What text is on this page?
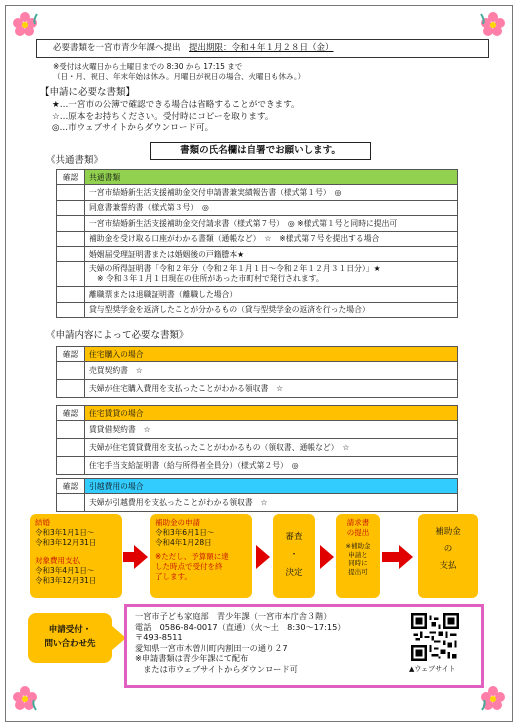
必要書類を一宮市青少年課へ提出　 提出期限：令和４年１月２８日（金）
※受付は火曜日から土曜日までの 8:30 から 17:15 まで
（日・月、祝日、年末年始は休み。月曜日が祝日の場合、火曜日も休み。）
【申請に必要な書類】
★…一宮市の公簿で確認できる場合は省略することができます。
☆…原本をお持ちください。受付時にコピーを取ります。
◎…市ウェブサイトからダウンロード可。
書類の氏名欄は自署でお願いします。
《共通書類》
確認	共通書類
	一宮市結婚新生活支援補助金交付申請書兼実績報告書（様式第１号）　◎
	同意書兼誓約書（様式第３号）　◎
	一宮市結婚新生活支援補助金交付請求書（様式第７号）　◎ ※様式第１号と同時に提出可
	補助金を受け取る口座がわかる書類（通帳など）　☆　※様式第７号を提出する場合
	婚姻届受理証明書または婚姻後の戸籍謄本★

	夫婦の所得証明書「令和２年分（令和２年１月１日～令和２年１２月３１日分）」★
※ 令和３年１月１日現在の住所があった市町村で発行されます。

	離職票または退職証明書（離職した場合）
	貸与型奨学金を返済したことが分かるもの（貸与型奨学金の返済を行った場合）
《申請内容によって必要な書類》
確認	住宅購入の場合
	売買契約書　☆
	夫婦が住宅購入費用を支払ったことがわかる領収書　☆
確認	住宅賃貸の場合
	賃貸借契約書　☆
	夫婦が住宅賃貸費用を支払ったことがわかるもの（領収書、通帳など）　☆
	住宅手当支給証明書（給与所得者全員分）（様式第２号）　◎
確認	引越費用の場合
	夫婦が引越費用を支払ったことがわかる領収書　☆
結婚
令和3年1月1日～
令和3年12月31日
対象費用支払
令和3年4月1日～
令和3年12月31日
補助金の申請
令和3年6月1日～
令和4年1月28日
※ただし、予算額に達
した時点で受付を終
了します。
審査
・
決定
請求書
の提出
※補助金
申請と
同時に
提出可
補助金
の
支払
申請受付・
問い合わせ先
一宮市子ども家庭部　青少年課（一宮市本庁舎３階）
電話　0586-84-0017（直通）（火～土　8:30～17:15）
〒493-8511
愛知県一宮市木曽川町内割田一の通り２7
※申請書類は青少年課にて配布
　または市ウェブサイトからダウンロード可	▲ウェブサイト
